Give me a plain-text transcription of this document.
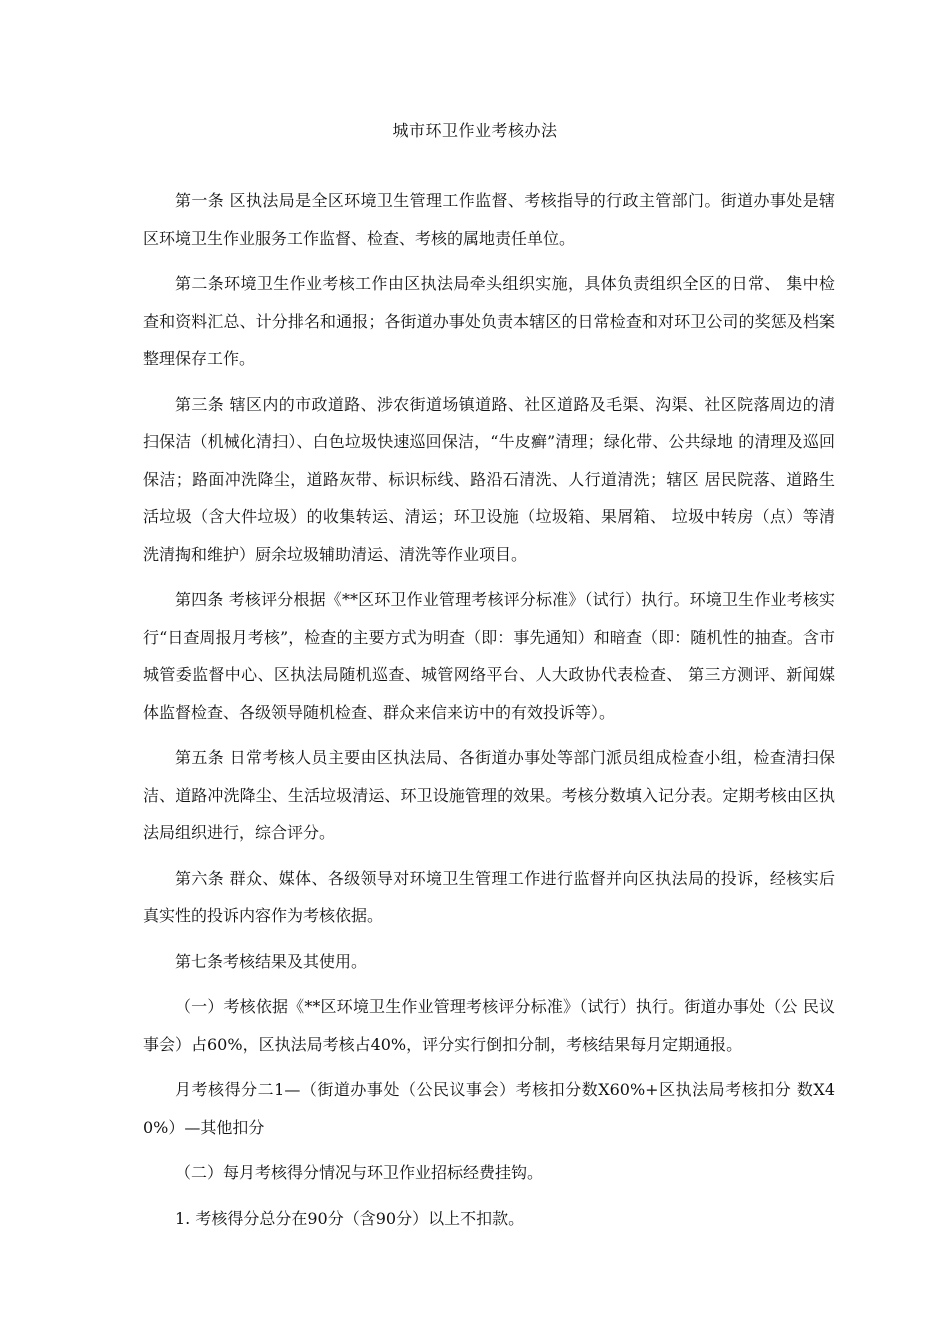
城市环卫作业考核办法

第一条 区执法局是全区环境卫生管理工作监督、考核指导的行政主管部门。街道办事处是辖区环境卫生作业服务工作监督、检查、考核的属地责任单位。

第二条环境卫生作业考核工作由区执法局牵头组织实施，具体负责组织全区的日常、 集中检查和资料汇总、计分排名和通报；各街道办事处负责本辖区的日常检查和对环卫公司的奖惩及档案整理保存工作。

第三条 辖区内的市政道路、涉农街道场镇道路、社区道路及毛渠、沟渠、社区院落周边的清扫保洁（机械化清扫）、白色垃圾快速巡回保洁，“牛皮癣”清理；绿化带、公共绿地 的清理及巡回保洁；路面冲洗降尘，道路灰带、标识标线、路沿石清洗、人行道清洗；辖区 居民院落、道路生活垃圾（含大件垃圾）的收集转运、清运；环卫设施（垃圾箱、果屑箱、 垃圾中转房（点）等清洗清掏和维护）厨余垃圾辅助清运、清洗等作业项目。

第四条 考核评分根据《**区环卫作业管理考核评分标准》（试行）执行。环境卫生作业考核实行“日查周报月考核”，检查的主要方式为明查（即：事先通知）和暗查（即：随机性的抽查。含市城管委监督中心、区执法局随机巡查、城管网络平台、人大政协代表检查、 第三方测评、新闻媒体监督检查、各级领导随机检查、群众来信来访中的有效投诉等）。

第五条 日常考核人员主要由区执法局、各街道办事处等部门派员组成检查小组，检查清扫保洁、道路冲洗降尘、生活垃圾清运、环卫设施管理的效果。考核分数填入记分表。定期考核由区执法局组织进行，综合评分。

第六条 群众、媒体、各级领导对环境卫生管理工作进行监督并向区执法局的投诉，经核实后真实性的投诉内容作为考核依据。

第七条考核结果及其使用。

（一）考核依据《**区环境卫生作业管理考核评分标准》（试行）执行。街道办事处（公 民议事会）占60%，区执法局考核占40%，评分实行倒扣分制，考核结果每月定期通报。

月考核得分二1—（街道办事处（公民议事会）考核扣分数X60%+区执法局考核扣分 数X40%）—其他扣分

（二）每月考核得分情况与环卫作业招标经费挂钩。

1. 考核得分总分在90分（含90分）以上不扣款。
